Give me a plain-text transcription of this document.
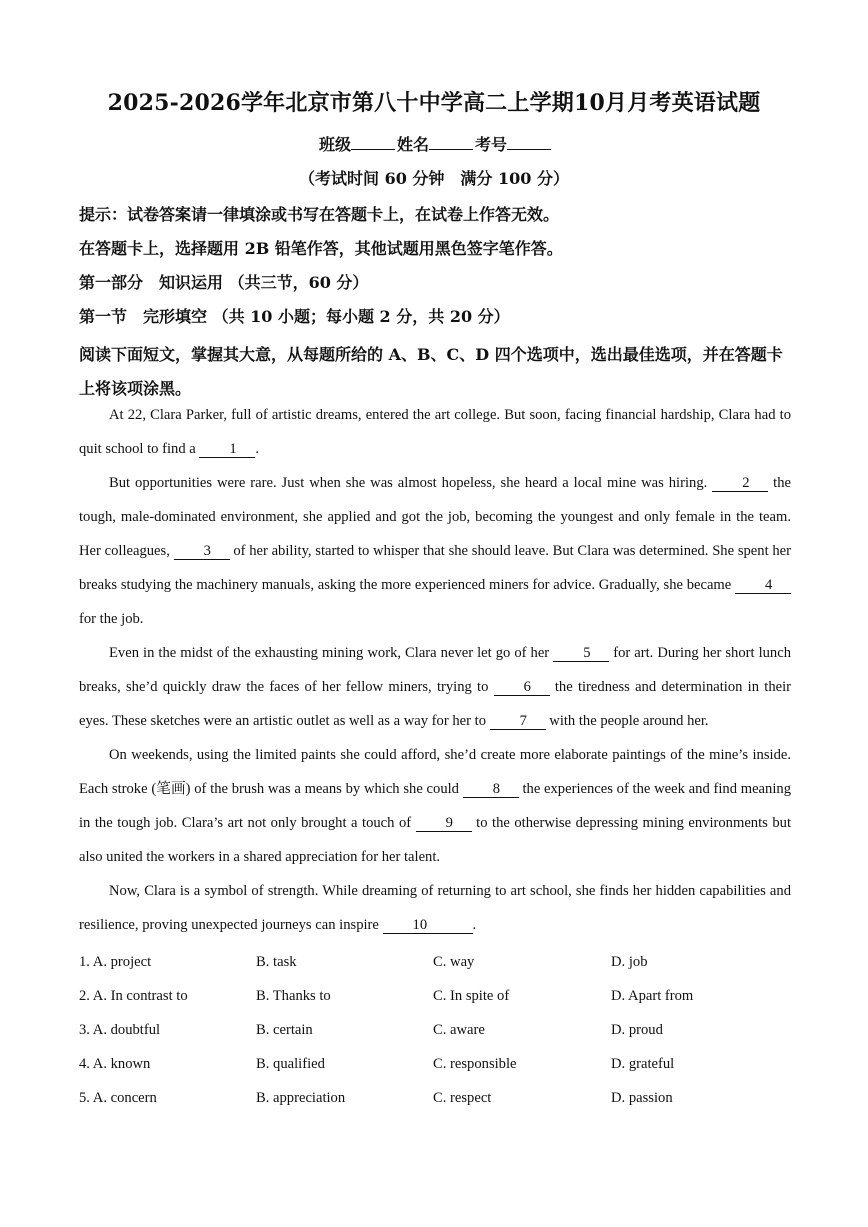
2025-2026学年北京市第八十中学高二上学期10月月考英语试题
班级	姓名	考号
（考试时间 60 分钟　满分 100 分）
提示：试卷答案请一律填涂或书写在答题卡上，在试卷上作答无效。
在答题卡上，选择题用 2B 铅笔作答，其他试题用黑色签字笔作答。
第一部分　知识运用 （共三节，60 分）
第一节　完形填空 （共 10 小题；每小题 2 分，共 20 分）
阅读下面短文，掌握其大意，从每题所给的 A、B、C、D 四个选项中，选出最佳选项，并在答题卡上将该项涂黑。

At 22, Clara Parker, full of artistic dreams, entered the art college. But soon, facing financial hardship, Clara had to quit school to find a 1 .

But opportunities were rare. Just when she was almost hopeless, she heard a local mine was hiring. 2 the tough, male-dominated environment, she applied and got the job, becoming the youngest and only female in the team. Her colleagues, 3 of her ability, started to whisper that she should leave. But Clara was determined. She spent her breaks studying the machinery manuals, asking the more experienced miners for advice. Gradually, she became 4 for the job.

Even in the midst of the exhausting mining work, Clara never let go of her 5 for art. During her short lunch breaks, she’d quickly draw the faces of her fellow miners, trying to 6 the tiredness and determination in their eyes. These sketches were an artistic outlet as well as a way for her to 7 with the people around her.

On weekends, using the limited paints she could afford, she’d create more elaborate paintings of the mine’s inside. Each stroke (笔画) of the brush was a means by which she could 8 the experiences of the week and find meaning in the tough job. Clara’s art not only brought a touch of 9 to the otherwise depressing mining environments but also united the workers in a shared appreciation for her talent.

Now, Clara is a symbol of strength. While dreaming of returning to art school, she finds her hidden capabilities and resilience, proving unexpected journeys can inspire 10	.

1. A. project	B. task	C. way	D. job
2. A. In contrast to	B. Thanks to	C. In spite of	D. Apart from
3. A. doubtful	B. certain	C. aware	D. proud
4. A. known	B. qualified	C. responsible	D. grateful
5. A. concern	B. appreciation	C. respect	D. passion
